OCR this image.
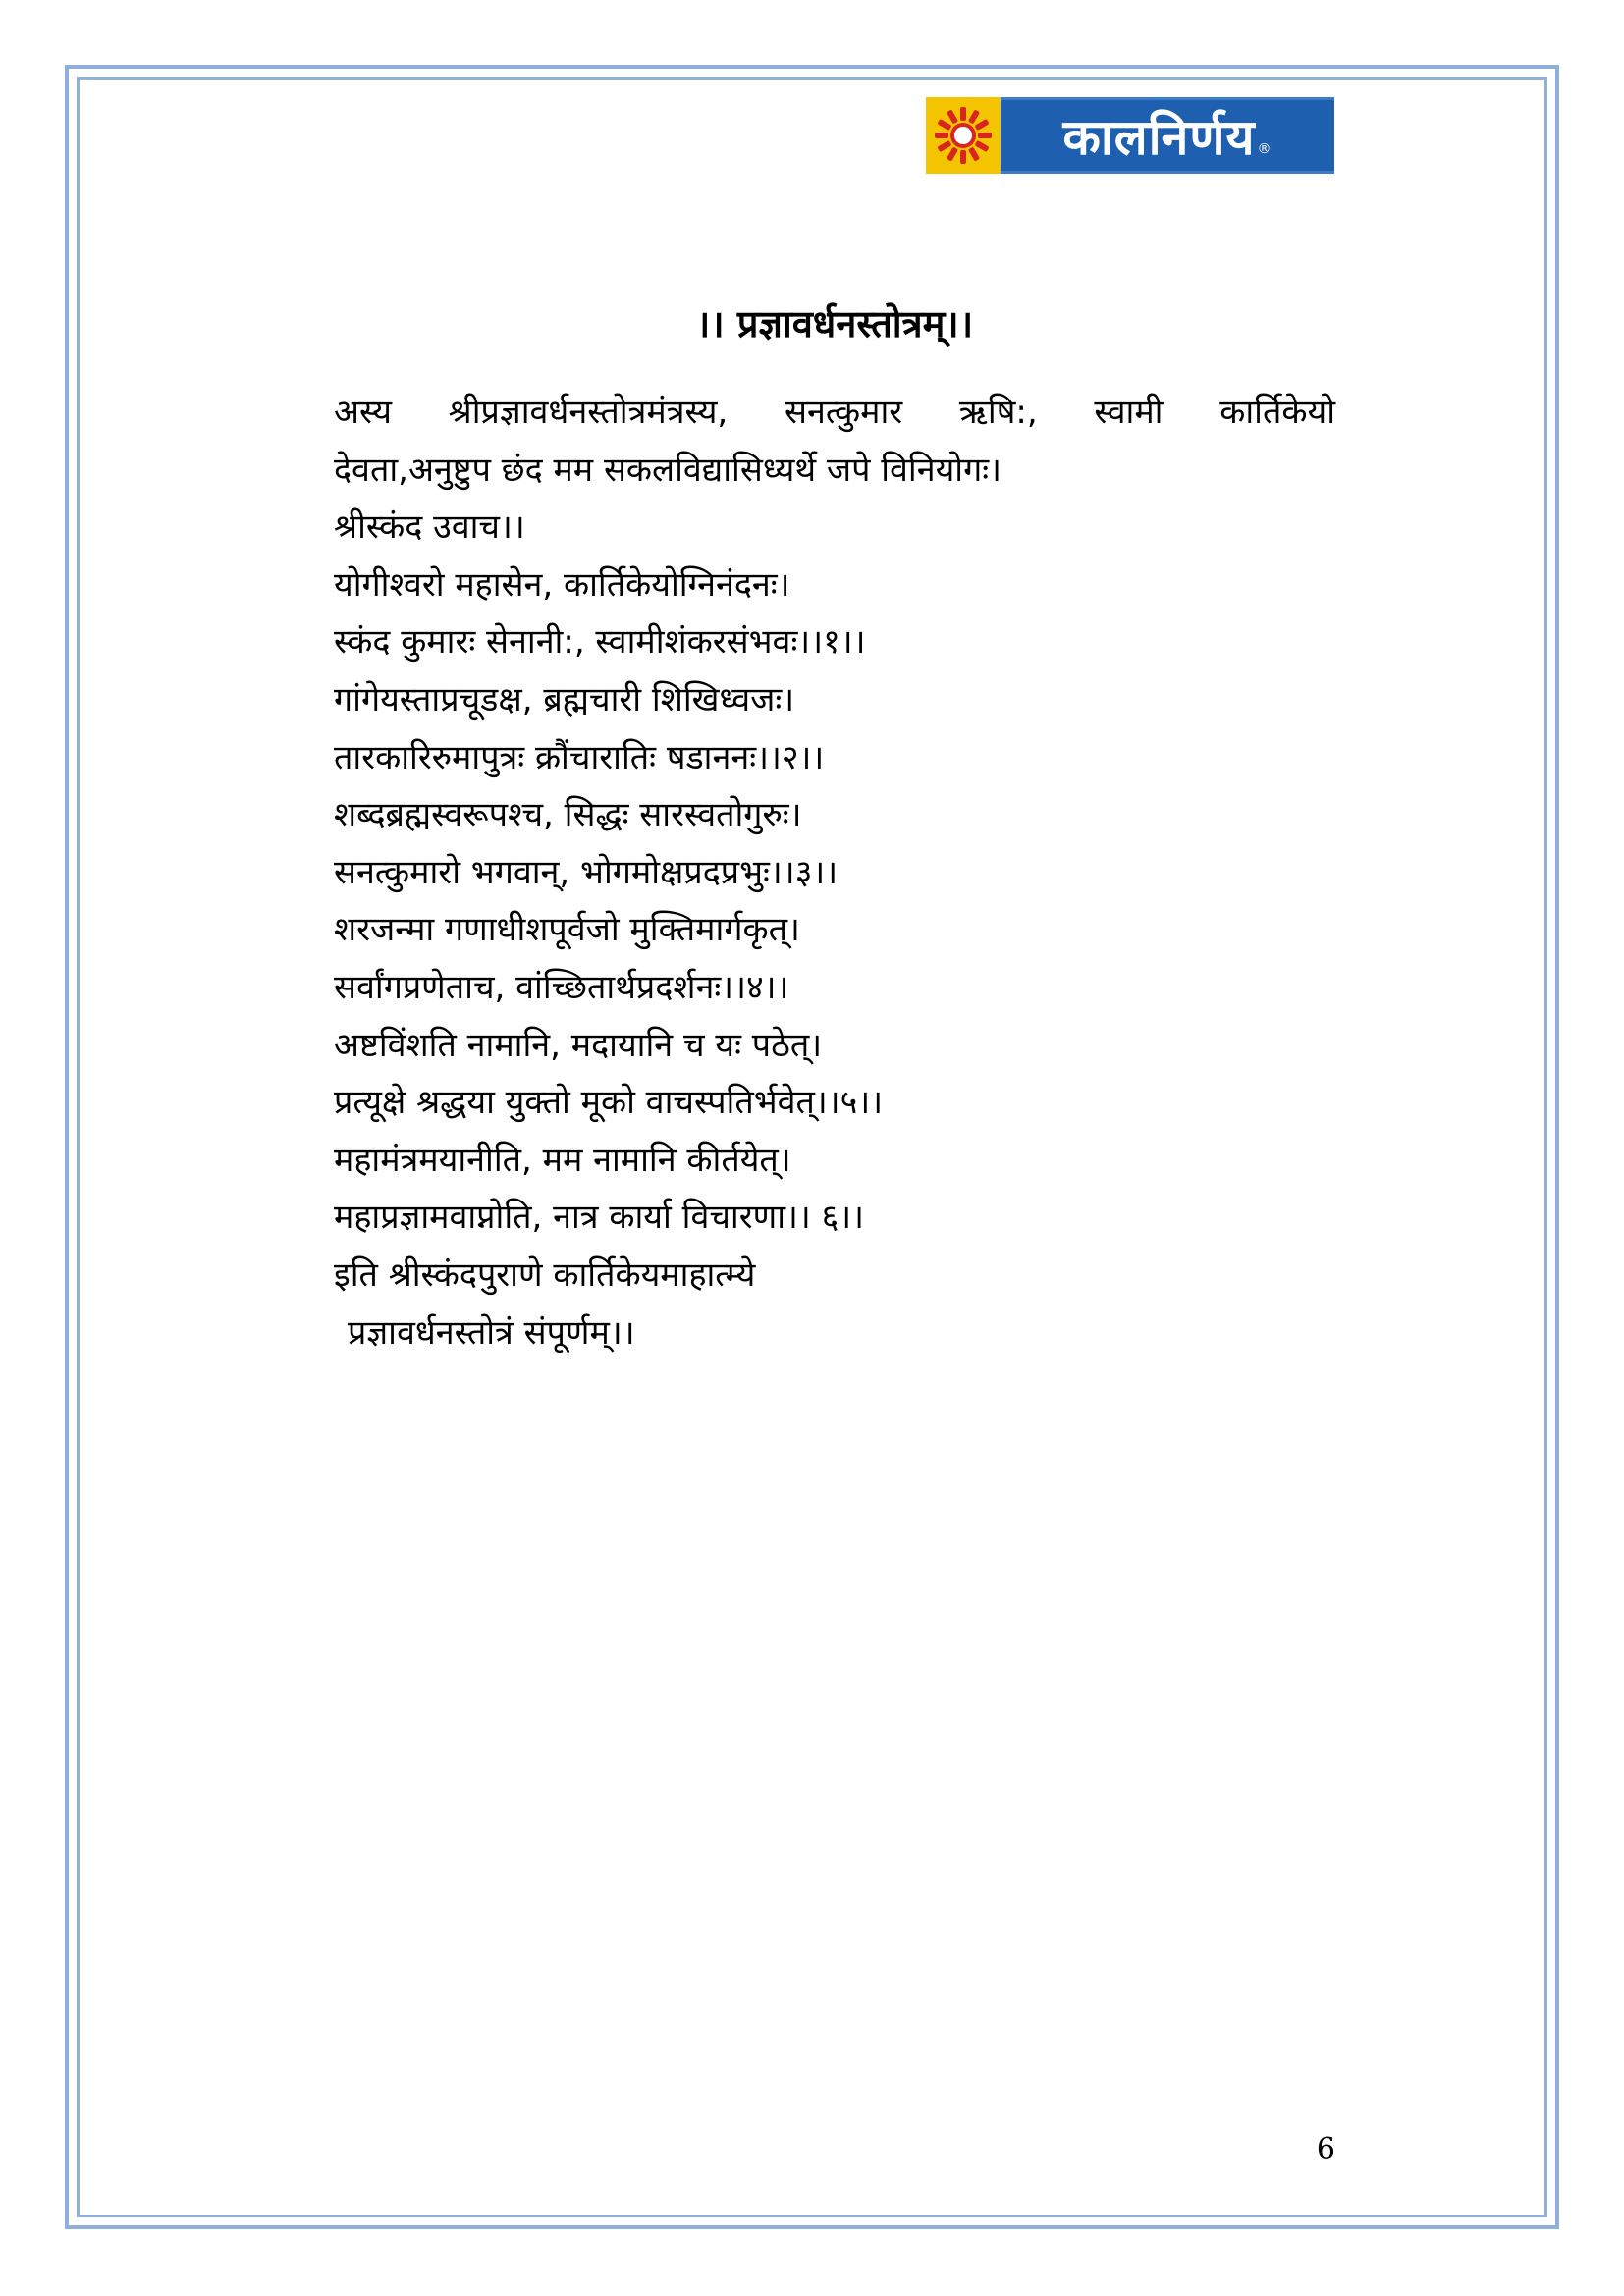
कालनिर्णय ®
।। प्रज्ञावर्धनस्तोत्रम्।।
अस्य श्रीप्रज्ञावर्धनस्तोत्रमंत्रस्य, सनत्कुमार ऋषि:, स्वामी कार्तिकेयो
देवता,अनुष्टुप छंद मम सकलविद्यासिध्यर्थे जपे विनियोगः।
श्रीस्कंद उवाच।।
योगीश्वरो महासेन, कार्तिकेयोग्निनंदनः।
स्कंद कुमारः सेनानी:, स्वामीशंकरसंभवः।।१।।
गांगेयस्ताप्रचूडक्ष, ब्रह्मचारी शिखिध्वजः।
तारकारिरुमापुत्रः क्रौंचारातिः षडाननः।।२।।
शब्दब्रह्मस्वरूपश्च, सिद्धः सारस्वतोगुरुः।
सनत्कुमारो भगवान्, भोगमोक्षप्रदप्रभुः।।३।।
शरजन्मा गणाधीशपूर्वजो मुक्तिमार्गकृत्।
सर्वांगप्रणेताच, वांच्छितार्थप्रदर्शनः।।४।।
अष्टविंशति नामानि, मदायानि च यः पठेत्।
प्रत्यूक्षे श्रद्धया युक्तो मूको वाचस्पतिर्भवेत्।।५।।
महामंत्रमयानीति, मम नामानि कीर्तयेत्।
महाप्रज्ञामवाप्नोति, नात्र कार्या विचारणा।। ६।।
इति श्रीस्कंदपुराणे कार्तिकेयमाहात्म्ये
प्रज्ञावर्धनस्तोत्रं संपूर्णम्।।
6
